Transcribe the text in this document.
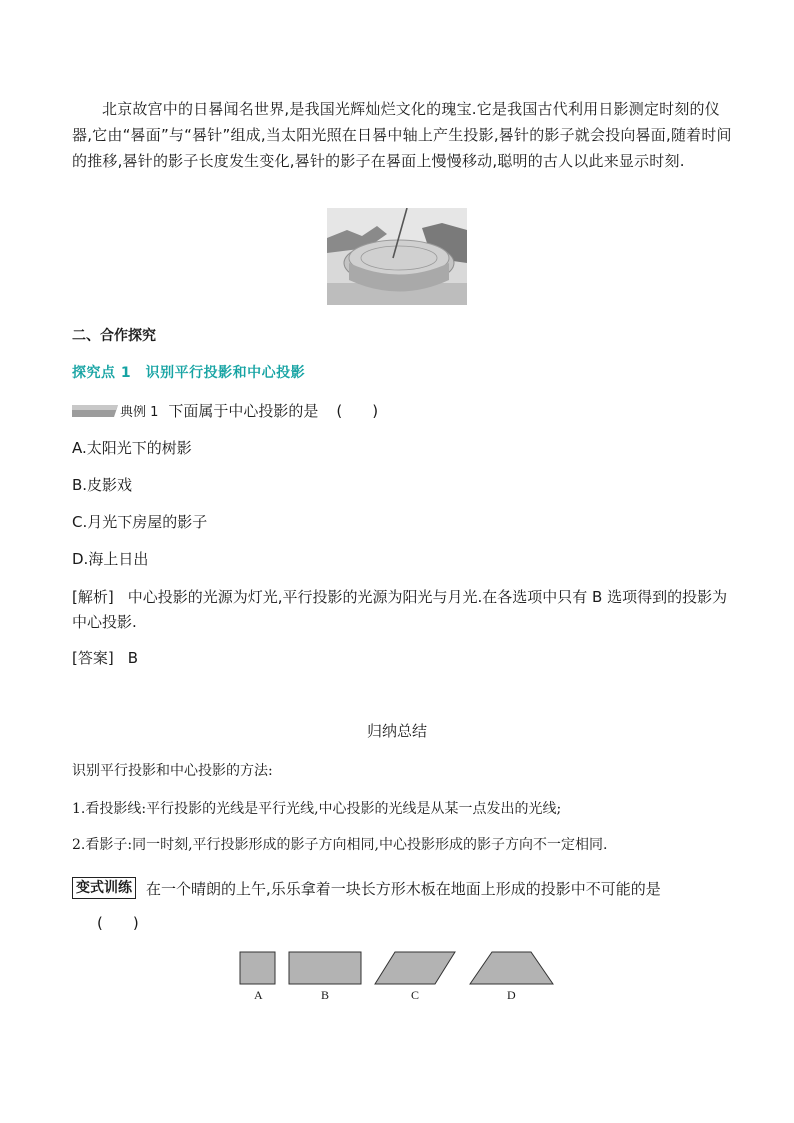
北京故宫中的日晷闻名世界,是我国光辉灿烂文化的瑰宝.它是我国古代利用日影测定时刻的仪器,它由“晷面”与“晷针”组成,当太阳光照在日晷中轴上产生投影,晷针的影子就会投向晷面,随着时间的推移,晷针的影子长度发生变化,晷针的影子在晷面上慢慢移动,聪明的古人以此来显示时刻.
二、合作探究
探究点 1　识别平行投影和中心投影
典例 1 下面属于中心投影的是 (　　)
A.太阳光下的树影
B.皮影戏
C.月光下房屋的影子
D.海上日出
[解析] 中心投影的光源为灯光,平行投影的光源为阳光与月光.在各选项中只有 B 选项得到的投影为中心投影.
[答案] B
归纳总结
识别平行投影和中心投影的方法:
1.看投影线:平行投影的光线是平行光线,中心投影的光线是从某一点发出的光线;
2.看影子:同一时刻,平行投影形成的影子方向相同,中心投影形成的影子方向不一定相同.
变式训练 在一个晴朗的上午,乐乐拿着一块长方形木板在地面上形成的投影中不可能的是
(　　)
A	B	C	D
